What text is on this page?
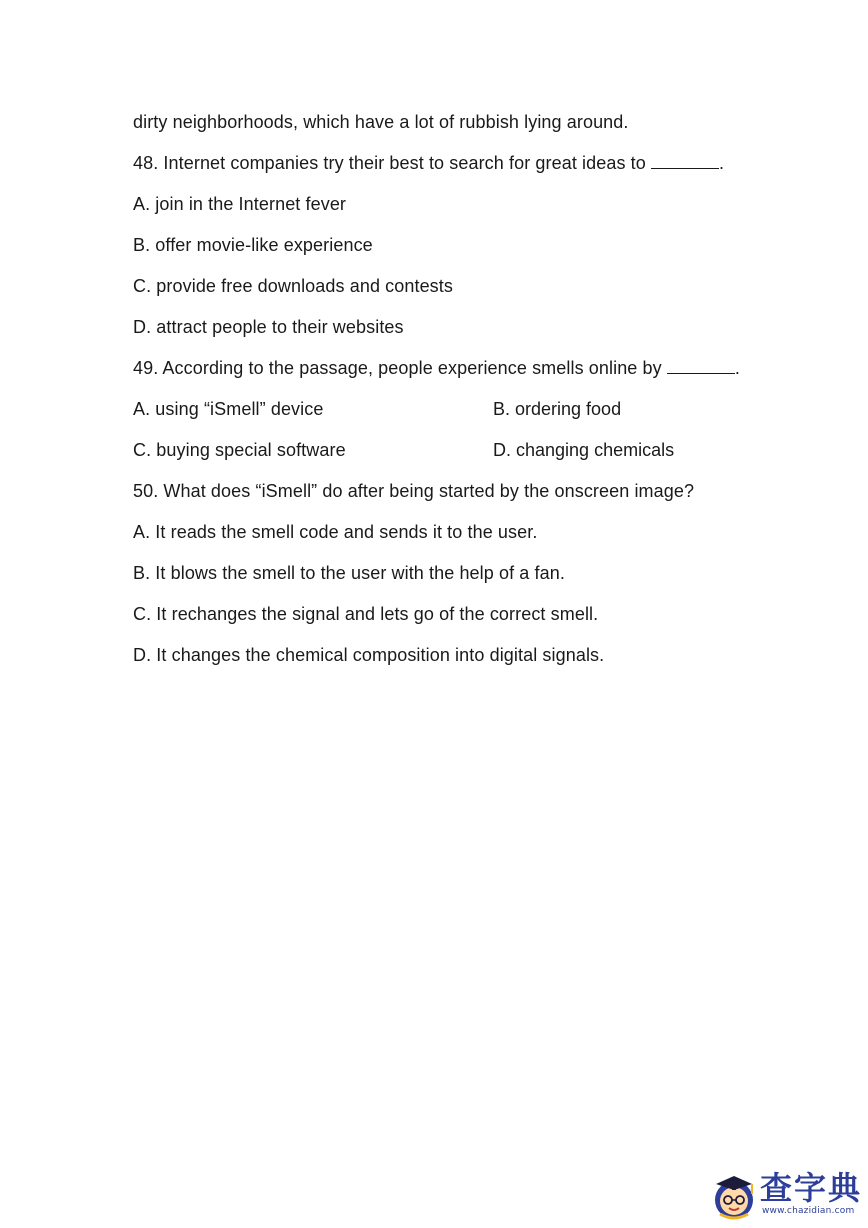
dirty neighborhoods, which have a lot of rubbish lying around.
48. Internet companies try their best to search for great ideas to	.
A. join in the Internet fever
B. offer movie-like experience
C. provide free downloads and contests
D. attract people to their websites
49. According to the passage, people experience smells online by	.
A. using “iSmell” device	B. ordering food
C. buying special software	D. changing chemicals
50. What does “iSmell” do after being started by the onscreen image?
A. It reads the smell code and sends it to the user.
B. It blows the smell to the user with the help of a fan.
C. It rechanges the signal and lets go of the correct smell.
D. It changes the chemical composition into digital signals.
查字典
www.chazidian.com
